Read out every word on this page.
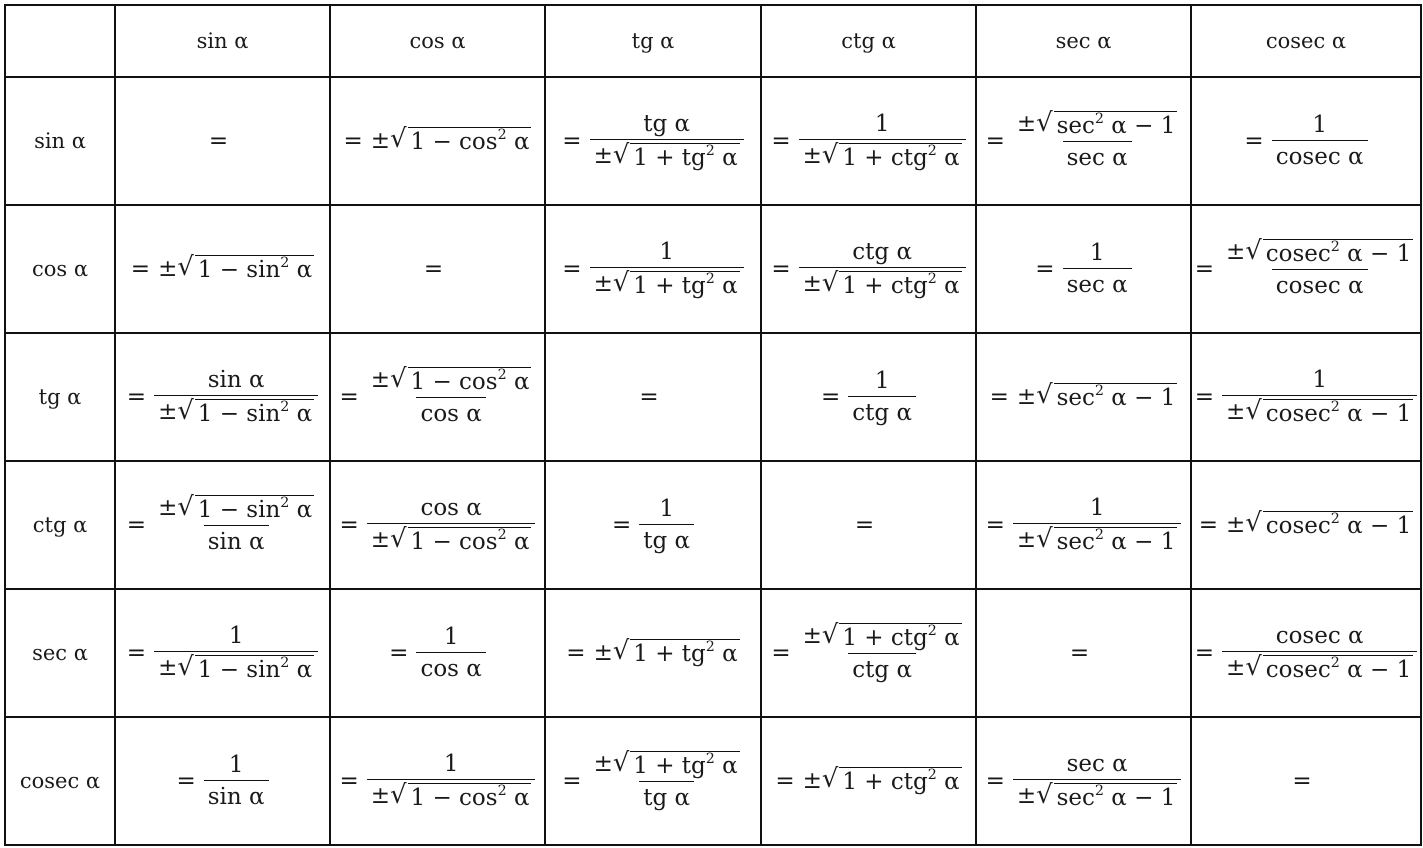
	sin α	cos α	tg α	ctg α	sec α	cosec α
sin α	=	= ± √ $1 - \cos^2 \alpha$	= $\frac{\text{tg α}}{\pm √ 1 + tg^2 \alpha}$	= $\frac{1}{\pm √ 1 + ctg^2 \alpha}$	= $\frac{\pm √ \sec^2 \alpha - 1}{\text{sec α}}$	= $\frac{1}{\text{cosec α}}$

cos α	= ± √ $1 - \sin^2 \alpha$	=	= $\frac{1}{\pm √ 1 + tg^2 \alpha}$	= $\frac{\text{ctg α}}{\pm √ 1 + ctg^2 \alpha}$	= $\frac{1}{\text{sec α}}$	= $\frac{\pm √ cosec^2 \alpha - 1}{\text{cosec α}}$

tg α	= $\frac{\text{sin α}}{\pm √ 1 - \sin^2 \alpha}$	= $\frac{\pm √ 1 - \cos^2 \alpha}{\text{cos α}}$	=	= $\frac{1}{\text{ctg α}}$	= ± √ $\sec^2 \alpha - 1$	= $\frac{1}{\pm √ cosec^2 \alpha - 1}$

ctg α	= $\frac{\pm √ 1 - \sin^2 \alpha}{\text{sin α}}$	= $\frac{\text{cos α}}{\pm √ 1 - \cos^2 \alpha}$	= $\frac{1}{\text{tg α}}$	=	= $\frac{1}{\pm √ \sec^2 \alpha - 1}$	= ± √ cosec$^2$ α − 1

sec α	= $\frac{1}{\pm √ 1 - \sin^2 \alpha}$	= $\frac{1}{\text{cos α}}$	= ± √ $1 + tg^2$ α	= $\frac{\pm √ 1 + ctg^2 \alpha}{\text{ctg α}}$	=	= $\frac{\text{cosec α}}{\pm √ cosec^2 \alpha - 1}$

cosec α	= $\frac{1}{\text{sin α}}$	= $\frac{1}{\pm √ 1 - \cos^2 \alpha}$	= $\frac{\pm √ 1 + tg^2 \alpha}{\text{tg α}}$	= ± √ 1 + ctg$^2$ α	= $\frac{\text{sec α}}{\pm √ \sec^2 \alpha - 1}$	=
